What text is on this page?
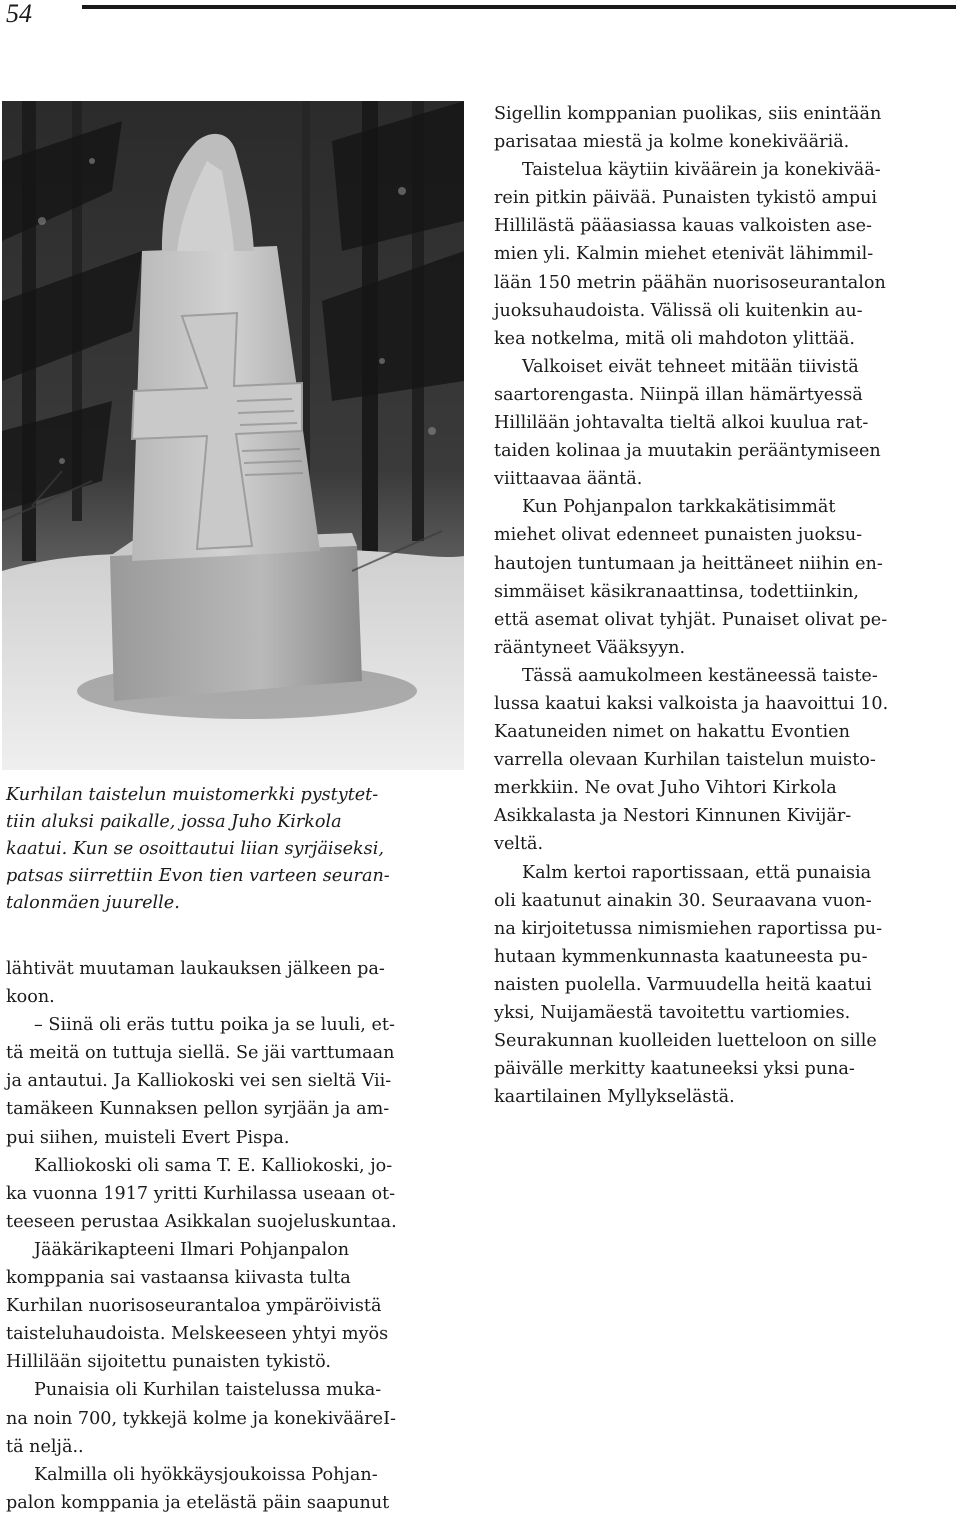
54

Kurhilan taistelun muistomerkki pystytet-
tiin aluksi paikalle, jossa Juho Kirkola
kaatui. Kun se osoittautui liian syrjäiseksi,
patsas siirrettiin Evon tien varteen seuran-
talonmäen juurelle.

lähtivät muutaman laukauksen jälkeen pa-
koon.

– Siinä oli eräs tuttu poika ja se luuli, et-
tä meitä on tuttuja siellä. Se jäi varttumaan
ja antautui. Ja Kalliokoski vei sen sieltä Vii-
tamäkeen Kunnaksen pellon syrjään ja am-
pui siihen, muisteli Evert Pispa.

Kalliokoski oli sama T. E. Kalliokoski, jo-
ka vuonna 1917 yritti Kurhilassa useaan ot-
teeseen perustaa Asikkalan suojeluskuntaa.

Jääkärikapteeni Ilmari Pohjanpalon
komppania sai vastaansa kiivasta tulta
Kurhilan nuorisoseurantaloa ympäröivistä
taisteluhaudoista. Melskeeseen yhtyi myös
Hillilään sijoitettu punaisten tykistö.

Punaisia oli Kurhilan taistelussa muka-
na noin 700, tykkejä kolme ja konekivääreI-
tä neljä..

Kalmilla oli hyökkäysjoukoissa Pohjan-
palon komppania ja etelästä päin saapunut

Sigellin komppanian puolikas, siis enintään
parisataa miestä ja kolme konekivääriä.

Taistelua käytiin kiväärein ja konekivää-
rein pitkin päivää. Punaisten tykistö ampui
Hillilästä pääasiassa kauas valkoisten ase-
mien yli. Kalmin miehet etenivät lähimmil-
lään 150 metrin päähän nuorisoseurantalon
juoksuhaudoista. Välissä oli kuitenkin au-
kea notkelma, mitä oli mahdoton ylittää.

Valkoiset eivät tehneet mitään tiivistä
saartorengasta. Niinpä illan hämärtyessä
Hillilään johtavalta tieltä alkoi kuulua rat-
taiden kolinaa ja muutakin perääntymiseen
viittaavaa ääntä.

Kun Pohjanpalon tarkkakätisimmät
miehet olivat edenneet punaisten juoksu-
hautojen tuntumaan ja heittäneet niihin en-
simmäiset käsikranaattinsa, todettiinkin,
että asemat olivat tyhjät. Punaiset olivat pe-
rääntyneet Vääksyyn.

Tässä aamukolmeen kestäneessä taiste-
lussa kaatui kaksi valkoista ja haavoittui 10.
Kaatuneiden nimet on hakattu Evontien
varrella olevaan Kurhilan taistelun muisto-
merkkiin. Ne ovat Juho Vihtori Kirkola
Asikkalasta ja Nestori Kinnunen Kivijär-
veltä.

Kalm kertoi raportissaan, että punaisia
oli kaatunut ainakin 30. Seuraavana vuon-
na kirjoitetussa nimismiehen raportissa pu-
hutaan kymmenkunnasta kaatuneesta pu-
naisten puolella. Varmuudella heitä kaatui
yksi, Nuijamäestä tavoitettu vartiomies.
Seurakunnan kuolleiden luetteloon on sille
päivälle merkitty kaatuneeksi yksi puna-
kaartilainen Myllykselästä.
